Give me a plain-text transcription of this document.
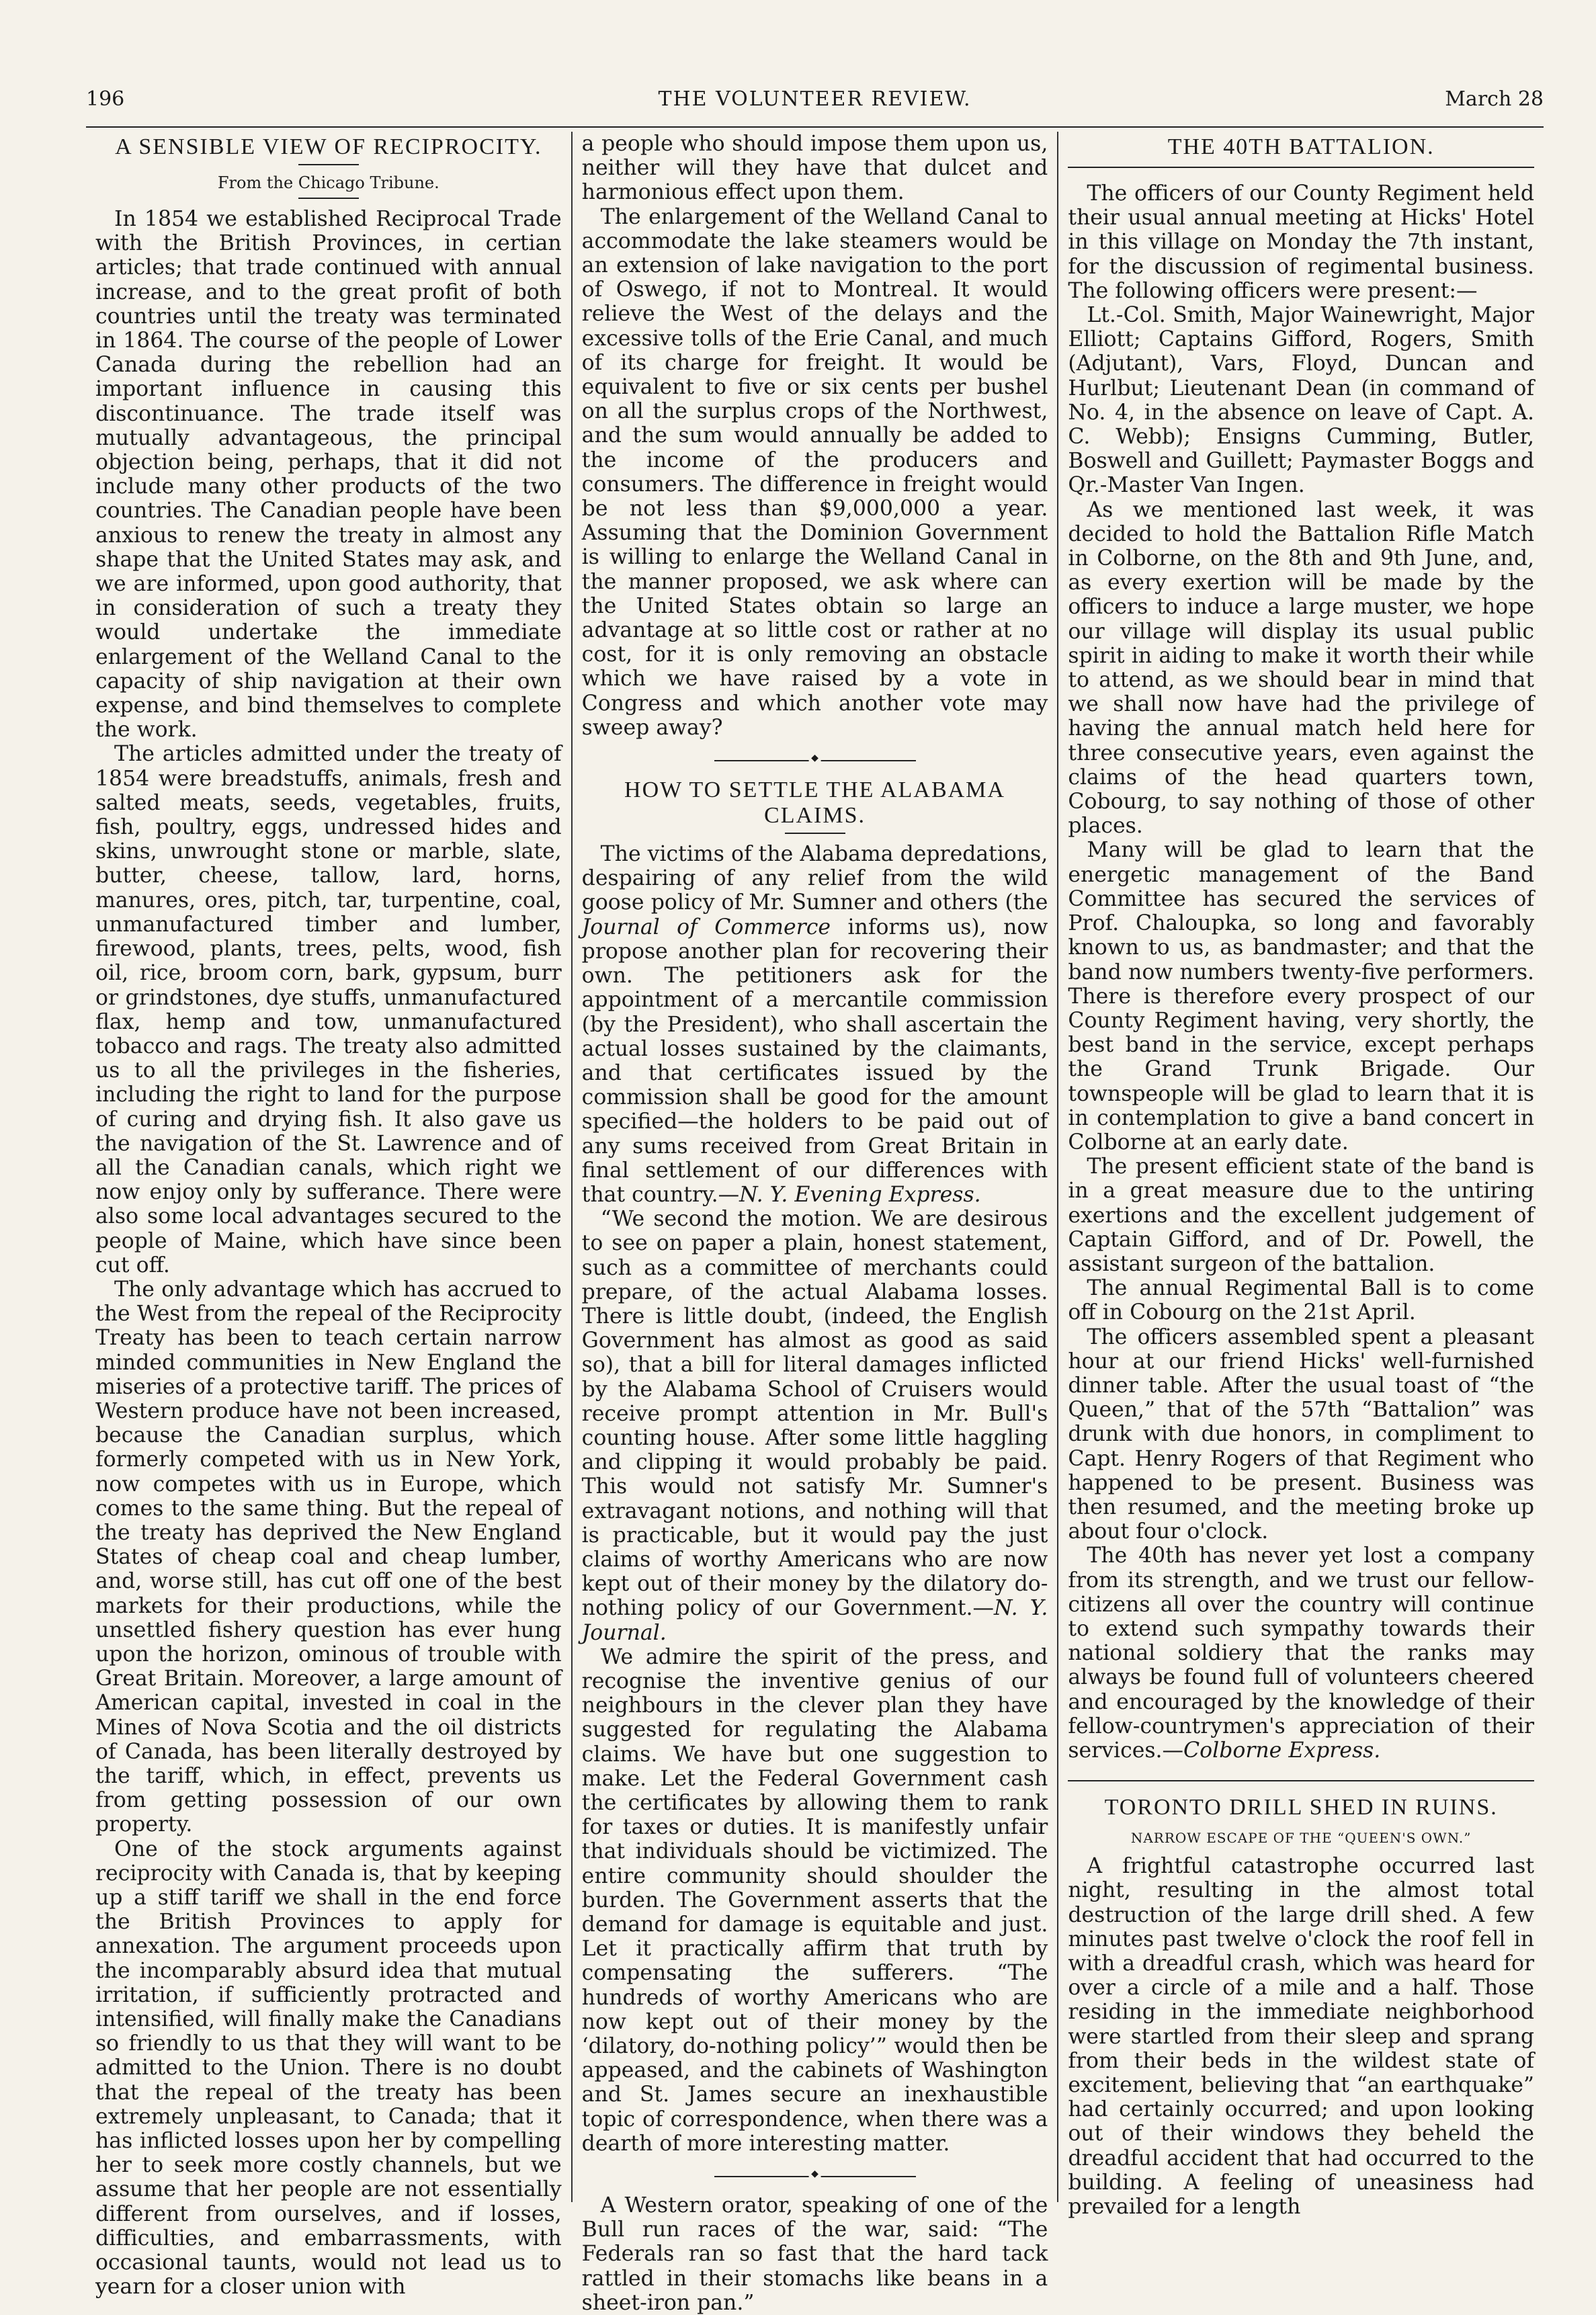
196	THE VOLUNTEER REVIEW.	March 28
A SENSIBLE VIEW OF RECIPROCITY.
From the Chicago Tribune.

In 1854 we established Reciprocal Trade with the British Provinces, in certian articles; that trade continued with annual increase, and to the great profit of both countries until the treaty was terminated in 1864. The course of the people of Lower Canada during the rebellion had an important influence in causing this discontinuance. The trade itself was mutually advantageous, the principal objection being, perhaps, that it did not include many other products of the two countries. The Canadian people have been anxious to renew the treaty in almost any shape that the United States may ask, and we are informed, upon good authority, that in consideration of such a treaty they would undertake the immediate enlargement of the Welland Canal to the capacity of ship navigation at their own expense, and bind themselves to complete the work.

The articles admitted under the treaty of 1854 were breadstuffs, animals, fresh and salted meats, seeds, vegetables, fruits, fish, poultry, eggs, undressed hides and skins, unwrought stone or marble, slate, butter, cheese, tallow, lard, horns, manures, ores, pitch, tar, turpentine, coal, unmanufactured timber and lumber, firewood, plants, trees, pelts, wood, fish oil, rice, broom corn, bark, gypsum, burr or grindstones, dye stuffs, unmanufactured flax, hemp and tow, unmanufactured tobacco and rags. The treaty also admitted us to all the privileges in the fisheries, including the right to land for the purpose of curing and drying fish. It also gave us the navigation of the St. Lawrence and of all the Canadian canals, which right we now enjoy only by sufferance. There were also some local advantages secured to the people of Maine, which have since been cut off.

The only advantage which has accrued to the West from the repeal of the Reciprocity Treaty has been to teach certain narrow minded communities in New England the miseries of a protective tariff. The prices of Western produce have not been increased, because the Canadian surplus, which formerly competed with us in New York, now competes with us in Europe, which comes to the same thing. But the repeal of the treaty has deprived the New England States of cheap coal and cheap lumber, and, worse still, has cut off one of the best markets for their productions, while the unsettled fishery question has ever hung upon the horizon, ominous of trouble with Great Britain. Moreover, a large amount of American capital, invested in coal in the Mines of Nova Scotia and the oil districts of Canada, has been literally destroyed by the tariff, which, in effect, prevents us from getting possession of our own property.

One of the stock arguments against reciprocity with Canada is, that by keeping up a stiff tariff we shall in the end force the British Provinces to apply for annexation. The argument proceeds upon the incomparably absurd idea that mutual irritation, if sufficiently protracted and intensified, will finally make the Canadians so friendly to us that they will want to be admitted to the Union. There is no doubt that the repeal of the treaty has been extremely unpleasant, to Canada; that it has inflicted losses upon her by compelling her to seek more costly channels, but we assume that her people are not essentially different from ourselves, and if losses, difficulties, and embarrassments, with occasional taunts, would not lead us to yearn for a closer union with

a people who should impose them upon us, neither will they have that dulcet and harmonious effect upon them.

The enlargement of the Welland Canal to accommodate the lake steamers would be an extension of lake navigation to the port of Oswego, if not to Montreal. It would relieve the West of the delays and the excessive tolls of the Erie Canal, and much of its charge for freight. It would be equivalent to five or six cents per bushel on all the surplus crops of the Northwest, and the sum would annually be added to the income of the producers and consumers. The difference in freight would be not less than $9,000,000 a year. Assuming that the Dominion Government is willing to enlarge the Welland Canal in the manner proposed, we ask where can the United States obtain so large an advantage at so little cost or rather at no cost, for it is only removing an obstacle which we have raised by a vote in Congress and which another vote may sweep away?

◆
HOW TO SETTLE THE ALABAMA CLAIMS.

The victims of the Alabama depredations, despairing of any relief from the wild goose policy of Mr. Sumner and others (the Journal of Commerce informs us), now propose another plan for recovering their own. The petitioners ask for the appointment of a mercantile commission (by the President), who shall ascertain the actual losses sustained by the claimants, and that certificates issued by the commission shall be good for the amount specified—the holders to be paid out of any sums received from Great Britain in final settlement of our differences with that country.—N. Y. Evening Express.

“We second the motion. We are desirous to see on paper a plain, honest statement, such as a committee of merchants could prepare, of the actual Alabama losses. There is little doubt, (indeed, the English Government has almost as good as said so), that a bill for literal damages inflicted by the Alabama School of Cruisers would receive prompt attention in Mr. Bull's counting house. After some little haggling and clipping it would probably be paid. This would not satisfy Mr. Sumner's extravagant notions, and nothing will that is practicable, but it would pay the just claims of worthy Americans who are now kept out of their money by the dilatory do-nothing policy of our Government.—N. Y. Journal.

We admire the spirit of the press, and recognise the inventive genius of our neighbours in the clever plan they have suggested for regulating the Alabama claims. We have but one suggestion to make. Let the Federal Government cash the certificates by allowing them to rank for taxes or duties. It is manifestly unfair that individuals should be victimized. The entire community should shoulder the burden. The Government asserts that the demand for damage is equitable and just. Let it practically affirm that truth by compensating the sufferers. “The hundreds of worthy Americans who are now kept out of their money by the ‘dilatory, do-nothing policy’” would then be appeased, and the cabinets of Washington and St. James secure an inexhaustible topic of correspondence, when there was a dearth of more interesting matter.

◆

A Western orator, speaking of one of the Bull run races of the war, said: “The Federals ran so fast that the hard tack rattled in their stomachs like beans in a sheet-iron pan.”

THE 40TH BATTALION.

The officers of our County Regiment held their usual annual meeting at Hicks' Hotel in this village on Monday the 7th instant, for the discussion of regimental business. The following officers were present:—

Lt.-Col. Smith, Major Wainewright, Major Elliott; Captains Gifford, Rogers, Smith (Adjutant), Vars, Floyd, Duncan and Hurlbut; Lieutenant Dean (in command of No. 4, in the absence on leave of Capt. A. C. Webb); Ensigns Cumming, Butler, Boswell and Guillett; Paymaster Boggs and Qr.-Master Van Ingen.

As we mentioned last week, it was decided to hold the Battalion Rifle Match in Colborne, on the 8th and 9th June, and, as every exertion will be made by the officers to induce a large muster, we hope our village will display its usual public spirit in aiding to make it worth their while to attend, as we should bear in mind that we shall now have had the privilege of having the annual match held here for three consecutive years, even against the claims of the head quarters town, Cobourg, to say nothing of those of other places.

Many will be glad to learn that the energetic management of the Band Committee has secured the services of Prof. Chaloupka, so long and favorably known to us, as bandmaster; and that the band now numbers twenty-five performers. There is therefore every prospect of our County Regiment having, very shortly, the best band in the service, except perhaps the Grand Trunk Brigade. Our townspeople will be glad to learn that it is in contemplation to give a band concert in Colborne at an early date.

The present efficient state of the band is in a great measure due to the untiring exertions and the excellent judgement of Captain Gifford, and of Dr. Powell, the assistant surgeon of the battalion.

The annual Regimental Ball is to come off in Cobourg on the 21st April.

The officers assembled spent a pleasant hour at our friend Hicks' well-furnished dinner table. After the usual toast of “the Queen,” that of the 57th “Battalion” was drunk with due honors, in compliment to Capt. Henry Rogers of that Regiment who happened to be present. Business was then resumed, and the meeting broke up about four o'clock.

The 40th has never yet lost a company from its strength, and we trust our fellow-citizens all over the country will continue to extend such sympathy towards their national soldiery that the ranks may always be found full of volunteers cheered and encouraged by the knowledge of their fellow-countrymen's appreciation of their services.—Colborne Express.

TORONTO DRILL SHED IN RUINS.
NARROW ESCAPE OF THE “QUEEN'S OWN.”

A frightful catastrophe occurred last night, resulting in the almost total destruction of the large drill shed. A few minutes past twelve o'clock the roof fell in with a dreadful crash, which was heard for over a circle of a mile and a half. Those residing in the immediate neighborhood were startled from their sleep and sprang from their beds in the wildest state of excitement, believing that “an earthquake” had certainly occurred; and upon looking out of their windows they beheld the dreadful accident that had occurred to the building. A feeling of uneasiness had prevailed for a length
